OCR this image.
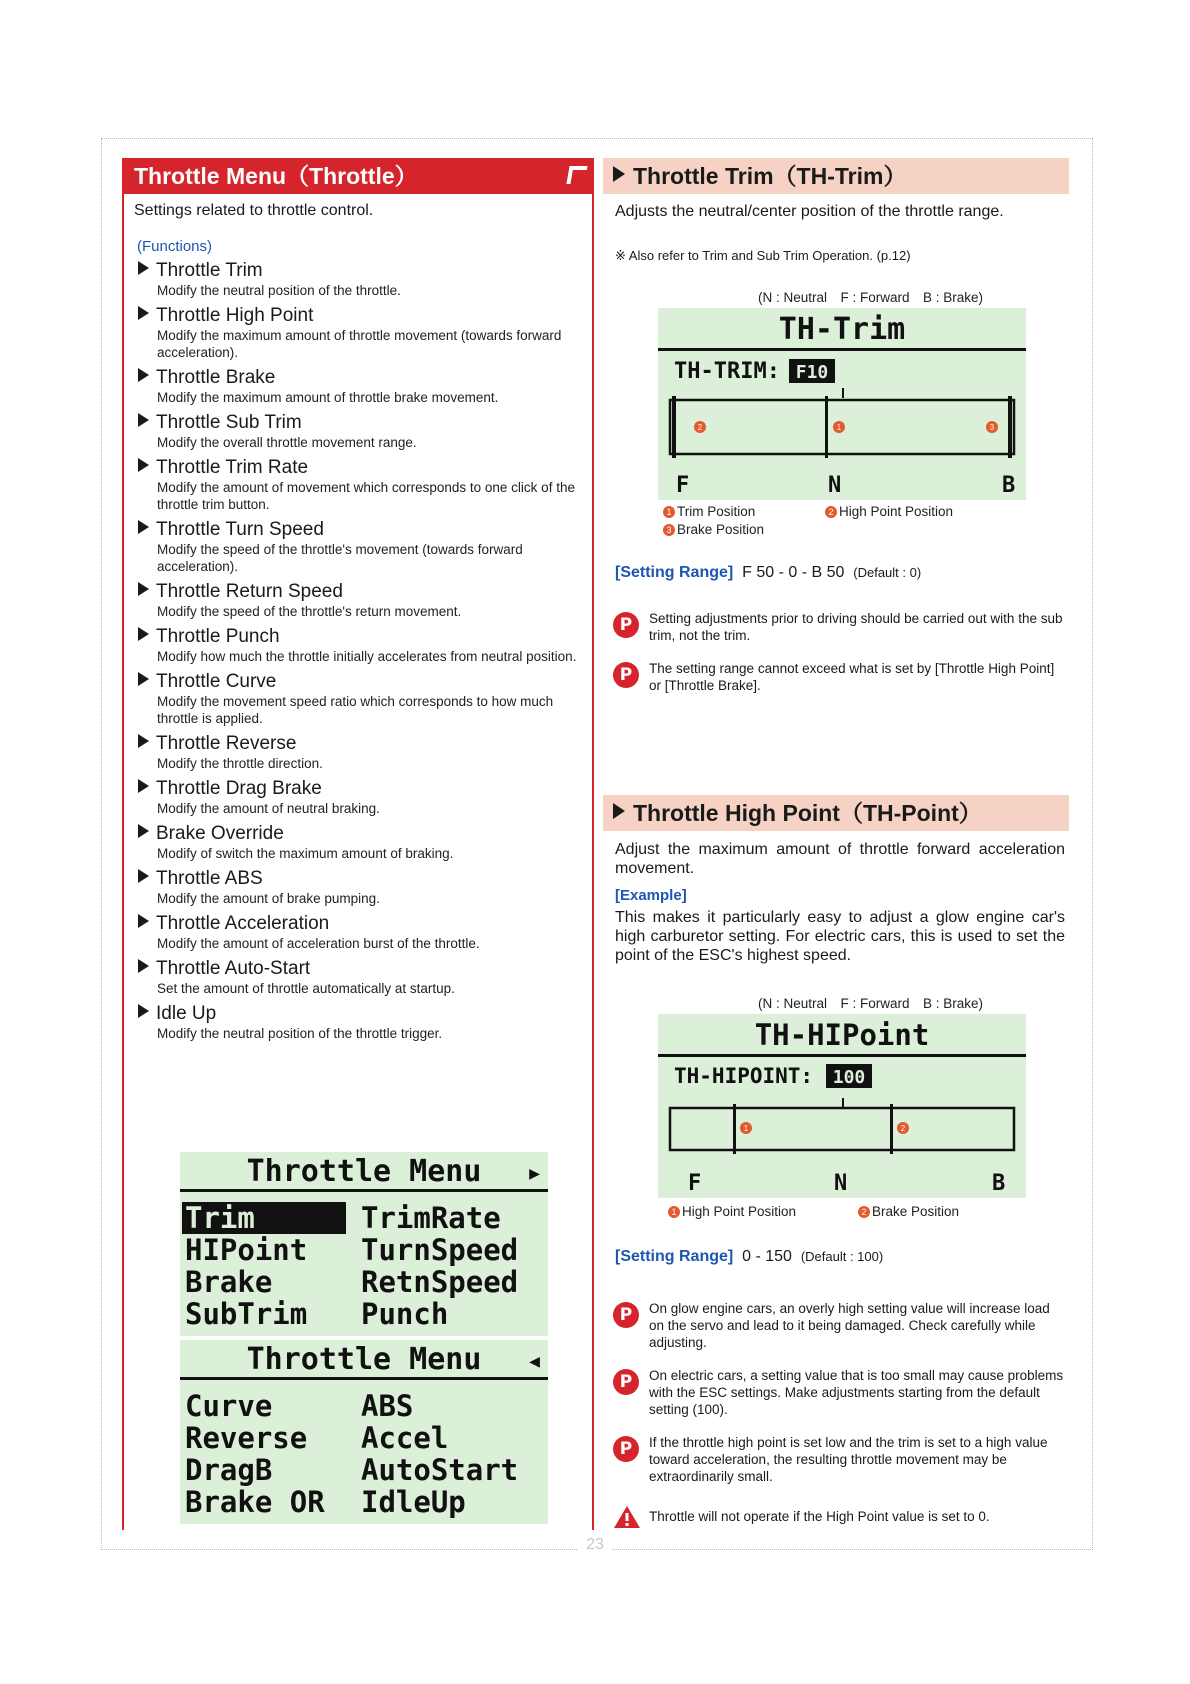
23
Throttle Menu（Throttle）
Settings related to throttle control.
(Functions)
Throttle Trim
Modify the neutral position of the throttle.
Throttle High Point
Modify the maximum amount of throttle movement (towards forward acceleration).
Throttle Brake
Modify the maximum amount of throttle brake movement.
Throttle Sub Trim
Modify the overall throttle movement range.
Throttle Trim Rate
Modify the amount of movement which corresponds to one click of the throttle trim button.
Throttle Turn Speed
Modify the speed of the throttle's movement (towards forward acceleration).
Throttle Return Speed
Modify the speed of the throttle's return movement.
Throttle Punch
Modify how much the throttle initially accelerates from neutral position.
Throttle Curve
Modify the movement speed ratio which corresponds to how much throttle is applied.
Throttle Reverse
Modify the throttle direction.
Throttle Drag Brake
Modify the amount of neutral braking.
Brake Override
Modify of switch the maximum amount of braking.
Throttle ABS
Modify the amount of brake pumping.
Throttle Acceleration
Modify the amount of acceleration burst of the throttle.
Throttle Auto-Start
Set the amount of throttle automatically at startup.
Idle Up
Modify the neutral position of the throttle trigger.
Throttle Menu	▶
Trim	TrimRate
HIPoint	TurnSpeed
Brake	RetnSpeed
SubTrim	Punch
Throttle Menu	◀
Curve	ABS
Reverse	Accel
DragB	AutoStart
Brake OR	IdleUp
Throttle Trim（TH-Trim）
Adjusts the neutral/center position of the throttle range.
※ Also refer to Trim and Sub Trim Operation. (p.12)
(N : Neutral　F : Forward　B : Brake)
TH-Trim
TH-TRIM: F10
2	1	3
F	N	B
1 Trim Position	2 High Point Position
3 Brake Position
[Setting Range] F 50 - 0 - B 50 (Default : 0)
P	Setting adjustments prior to driving should be carried out with the sub trim, not the trim.
P	The setting range cannot exceed what is set by [Throttle High Point] or [Throttle Brake].
Throttle High Point（TH-Point）
Adjust the maximum amount of throttle forward acceleration movement.
[Example]
This makes it particularly easy to adjust a glow engine car's high carburetor setting. For electric cars, this is used to set the point of the ESC's highest speed.
(N : Neutral　F : Forward　B : Brake)
TH-HIPoint
TH-HIPOINT: 100
1	2
F	N	B
1 High Point Position	2 Brake Position
[Setting Range] 0 - 150 (Default : 100)
P	On glow engine cars, an overly high setting value will increase load on the servo and lead to it being damaged. Check carefully while adjusting.
P	On electric cars, a setting value that is too small may cause problems with the ESC settings. Make adjustments starting from the default setting (100).
P	If the throttle high point is set low and the trim is set to a high value toward acceleration, the resulting throttle movement may be extraordinarily small.
Throttle will not operate if the High Point value is set to 0.
